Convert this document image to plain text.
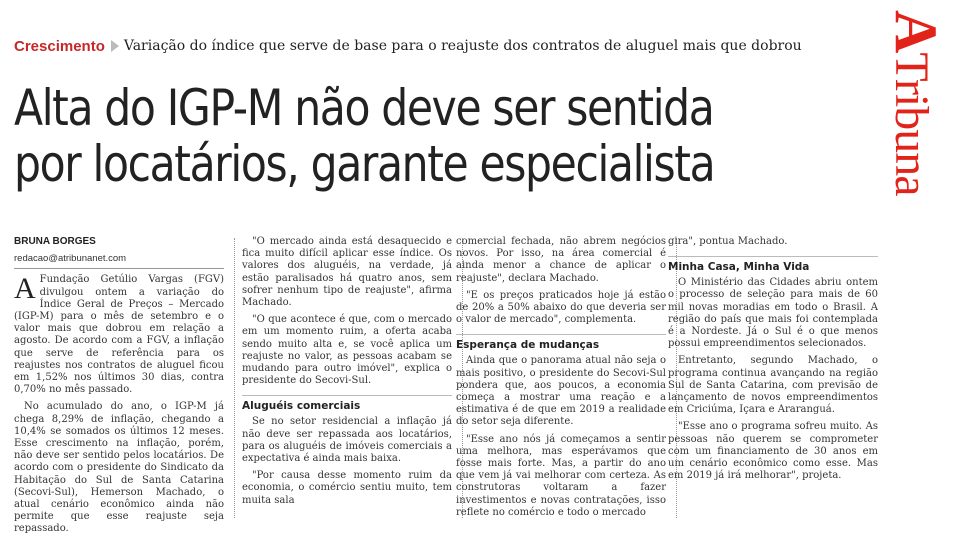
Crescimento Variação do índice que serve de base para o reajuste dos contratos de aluguel mais que dobrou
Alta do IGP-M não deve ser sentida
por locatários, garante especialista
ATribuna

BRUNA BORGES

redacao@atribunanet.com

A Fundação Getúlio Vargas (FGV) divulgou ontem a variação do Índice Geral de Preços – Mercado (IGP-M) para o mês de setembro e o valor mais que dobrou em relação a agosto. De acordo com a FGV, a inflação que serve de referência para os reajustes nos contratos de aluguel ficou em 1,52% nos últimos 30 dias, contra 0,70% no mês passado.

No acumulado do ano, o IGP-M já chega 8,29% de inflação, chegando a 10,4% se somados os últimos 12 meses. Esse crescimento na inflação, porém, não deve ser sentido pelos locatários. De acordo com o presidente do Sindicato da Habitação do Sul de Santa Catarina (Secovi-Sul), Hemerson Machado, o atual cenário econômico ainda não permite que esse reajuste seja repassado.

"O mercado ainda está desaquecido e fica muito difícil aplicar esse índice. Os valores dos aluguéis, na verdade, já estão paralisados há quatro anos, sem sofrer nenhum tipo de reajuste", afirma Machado.

"O que acontece é que, com o mercado em um momento ruim, a oferta acaba sendo muito alta e, se você aplica um reajuste no valor, as pessoas acabam se mudando para outro imóvel", explica o presidente do Secovi-Sul.

Aluguéis comerciais

Se no setor residencial a inflação já não deve ser repassada aos locatários, para os aluguéis de imóveis comerciais a expectativa é ainda mais baixa.

"Por causa desse momento ruim da economia, o comércio sentiu muito, tem muita sala

comercial fechada, não abrem negócios novos. Por isso, na área comercial é ainda menor a chance de aplicar o reajuste", declara Machado.

"E os preços praticados hoje já estão de 20% a 50% abaixo do que deveria ser o valor de mercado", complementa.

Esperança de mudanças

Ainda que o panorama atual não seja o mais positivo, o presidente do Secovi-Sul pondera que, aos poucos, a economia começa a mostrar uma reação e a estimativa é de que em 2019 a realidade do setor seja diferente.

"Esse ano nós já começamos a sentir uma melhora, mas esperávamos que fosse mais forte. Mas, a partir do ano que vem já vai melhorar com certeza. As construtoras voltaram a fazer investimentos e novas contratações, isso reflete no comércio e todo o mercado

gira", pontua Machado.

Minha Casa, Minha Vida

O Ministério das Cidades abriu ontem o processo de seleção para mais de 60 mil novas moradias em todo o Brasil. A região do país que mais foi contemplada é a Nordeste. Já o Sul é o que menos possui empreendimentos selecionados.

Entretanto, segundo Machado, o programa continua avançando na região Sul de Santa Catarina, com previsão de lançamento de novos empreendimentos em Criciúma, Içara e Araranguá.

"Esse ano o programa sofreu muito. As pessoas não querem se comprometer com um financiamento de 30 anos em um cenário econômico como esse. Mas em 2019 já irá melhorar", projeta.
